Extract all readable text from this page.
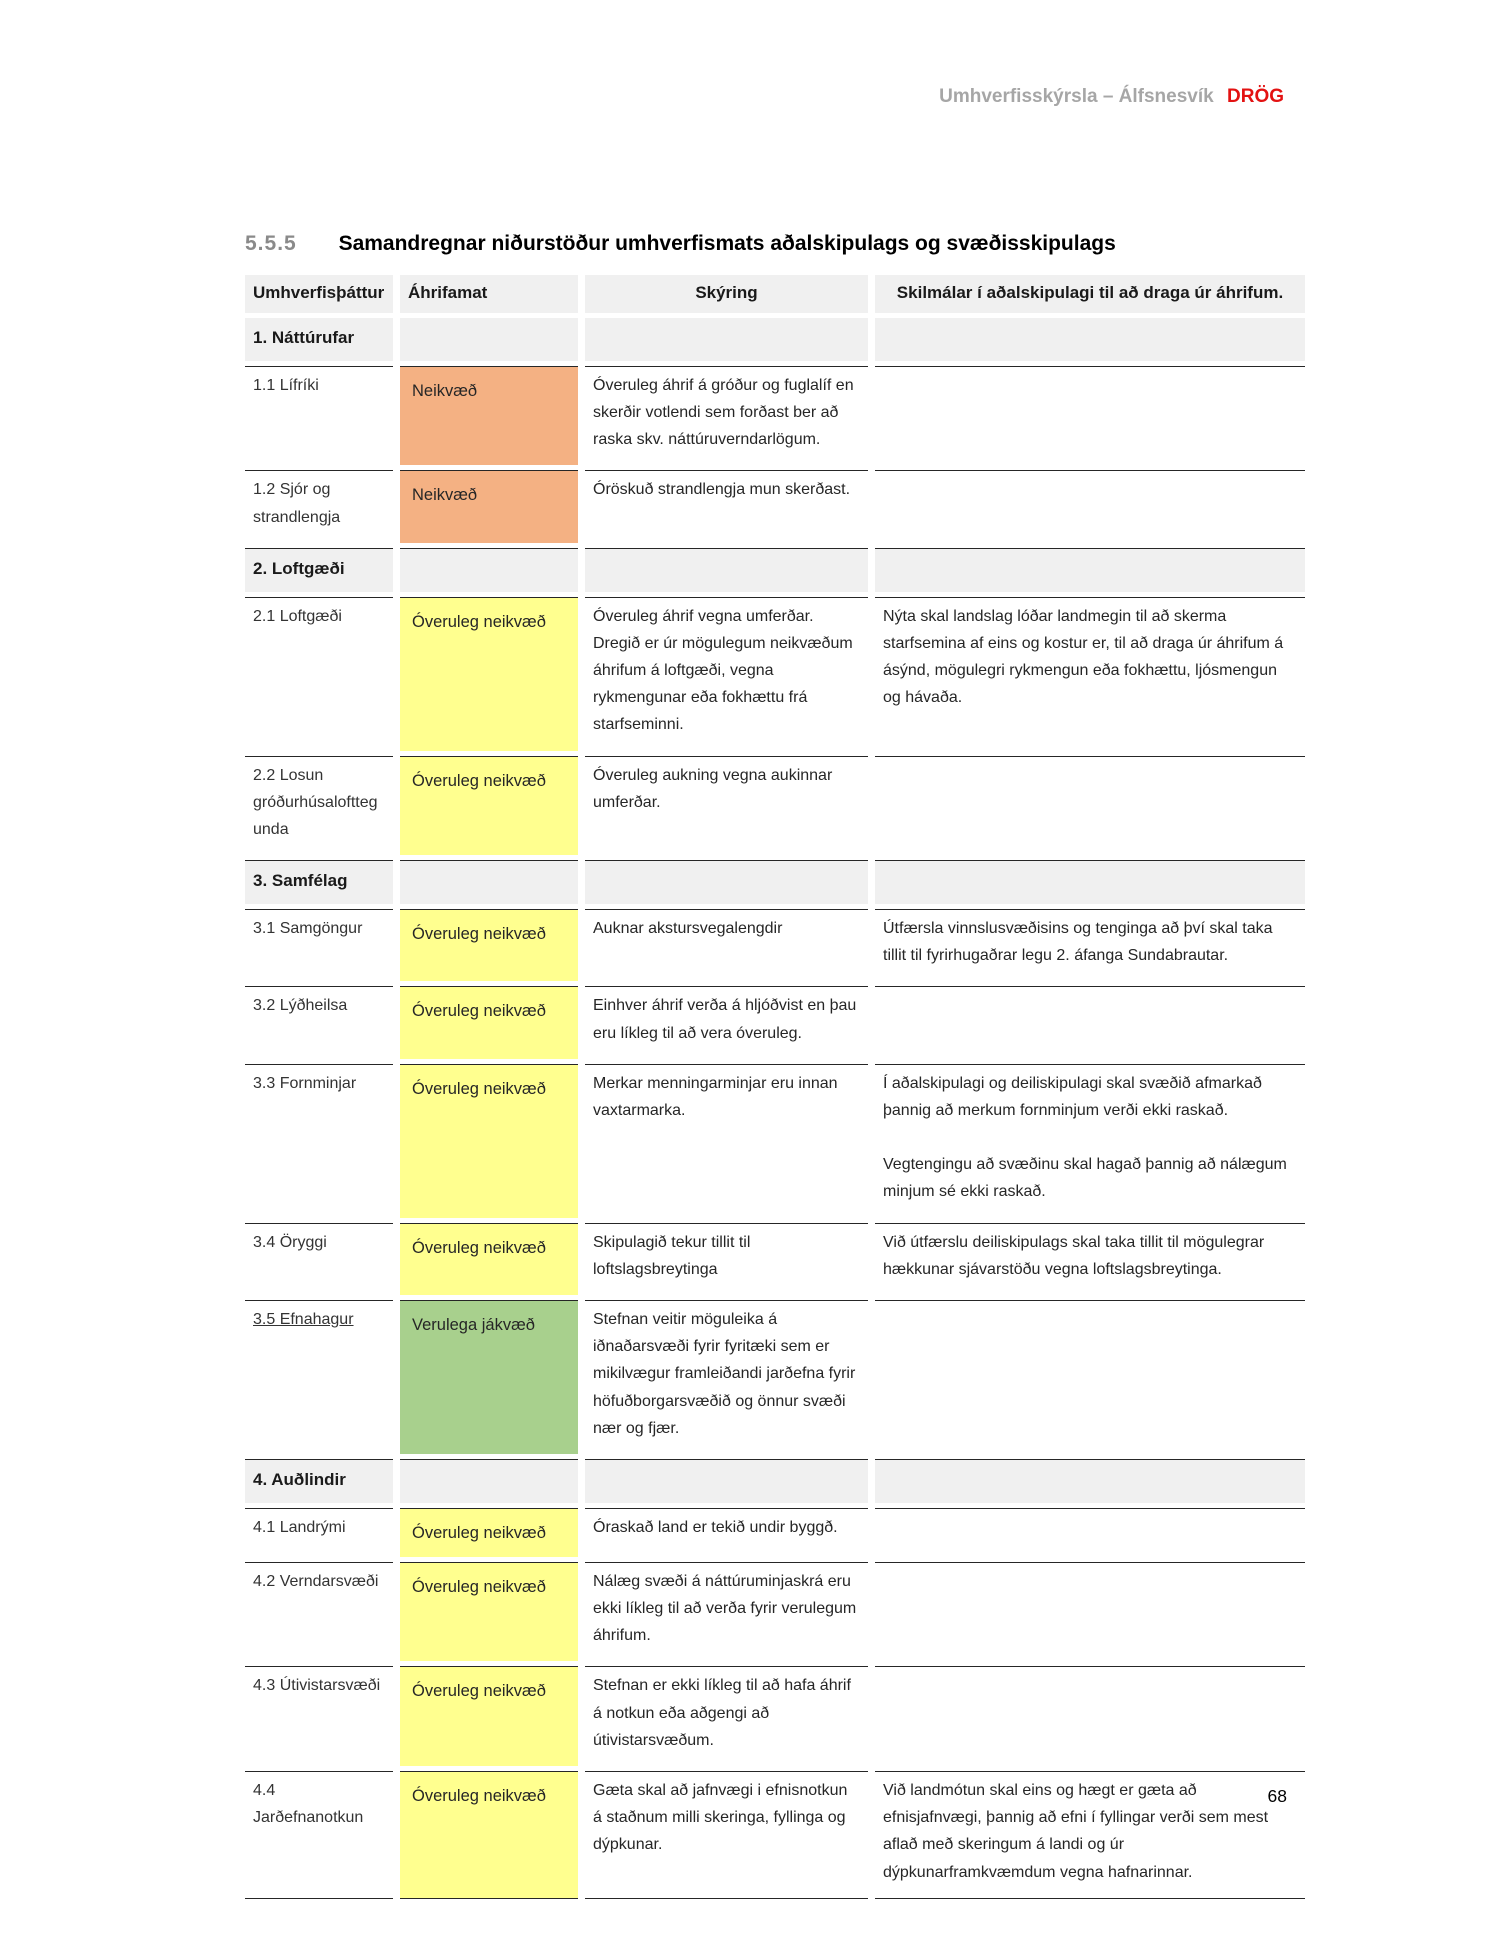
Umhverfisskýrsla – Álfsnesvík DRÖG
5.5.5 Samandregnar niðurstöður umhverfismats aðalskipulags og svæðisskipulags
Umhverfisþáttur	Áhrifamat	Skýring	Skilmálar í aðalskipulagi til að draga úr áhrifum.
1. Náttúrufar			
1.1 Lífríki	Neikvæð	Óveruleg áhrif á gróður og fuglalíf en skerðir votlendi sem forðast ber að raska skv. náttúruverndarlögum.	
1.2 Sjór og strandlengja	Neikvæð	Óröskuð strandlengja mun skerðast.	
2. Loftgæði			
2.1 Loftgæði	Óveruleg neikvæð	Óveruleg áhrif vegna umferðar. Dregið er úr mögulegum neikvæðum áhrifum á loftgæði, vegna rykmengunar eða fokhættu frá starfseminni.	Nýta skal landslag lóðar landmegin til að skerma starfsemina af eins og kostur er, til að draga úr áhrifum á ásýnd, mögulegri rykmengun eða fokhættu, ljósmengun og hávaða.

2.2 Losun gróðurhúsalofttegunda	Óveruleg neikvæð	Óveruleg aukning vegna aukinnar umferðar.	
3. Samfélag			
3.1 Samgöngur	Óveruleg neikvæð	Auknar akstursvegalengdir	Útfærsla vinnslusvæðisins og tenginga að því skal taka tillit til fyrirhugaðrar legu 2. áfanga Sundabrautar.

3.2 Lýðheilsa	Óveruleg neikvæð	Einhver áhrif verða á hljóðvist en þau eru líkleg til að vera óveruleg.	
3.3 Fornminjar	Óveruleg neikvæð	Merkar menningarminjar eru innan vaxtarmarka.	Í aðalskipulagi og deiliskipulagi skal svæðið afmarkað þannig að merkum fornminjum verði ekki raskað.

Vegtengingu að svæðinu skal hagað þannig að nálægum minjum sé ekki raskað.

3.4 Öryggi	Óveruleg neikvæð	Skipulagið tekur tillit til loftslagsbreytinga	Við útfærslu deiliskipulags skal taka tillit til mögulegrar hækkunar sjávarstöðu vegna loftslagsbreytinga.

3.5 Efnahagur	Verulega jákvæð	Stefnan veitir möguleika á iðnaðarsvæði fyrir fyritæki sem er mikilvægur framleiðandi jarðefna fyrir höfuðborgarsvæðið og önnur svæði nær og fjær.	
4. Auðlindir			
4.1 Landrými	Óveruleg neikvæð	Óraskað land er tekið undir byggð.	
4.2 Verndarsvæði	Óveruleg neikvæð	Nálæg svæði á náttúruminjaskrá eru ekki líkleg til að verða fyrir verulegum áhrifum.	
4.3 Útivistarsvæði	Óveruleg neikvæð	Stefnan er ekki líkleg til að hafa áhrif á notkun eða aðgengi að útivistarsvæðum.	
4.4 Jarðefnanotkun	Óveruleg neikvæð	Gæta skal að jafnvægi i efnisnotkun á staðnum milli skeringa, fyllinga og dýpkunar.	Við landmótun skal eins og hægt er gæta að efnisjafnvægi, þannig að efni í fyllingar verði sem mest aflað með skeringum á landi og úr dýpkunarframkvæmdum vegna hafnarinnar.

68
